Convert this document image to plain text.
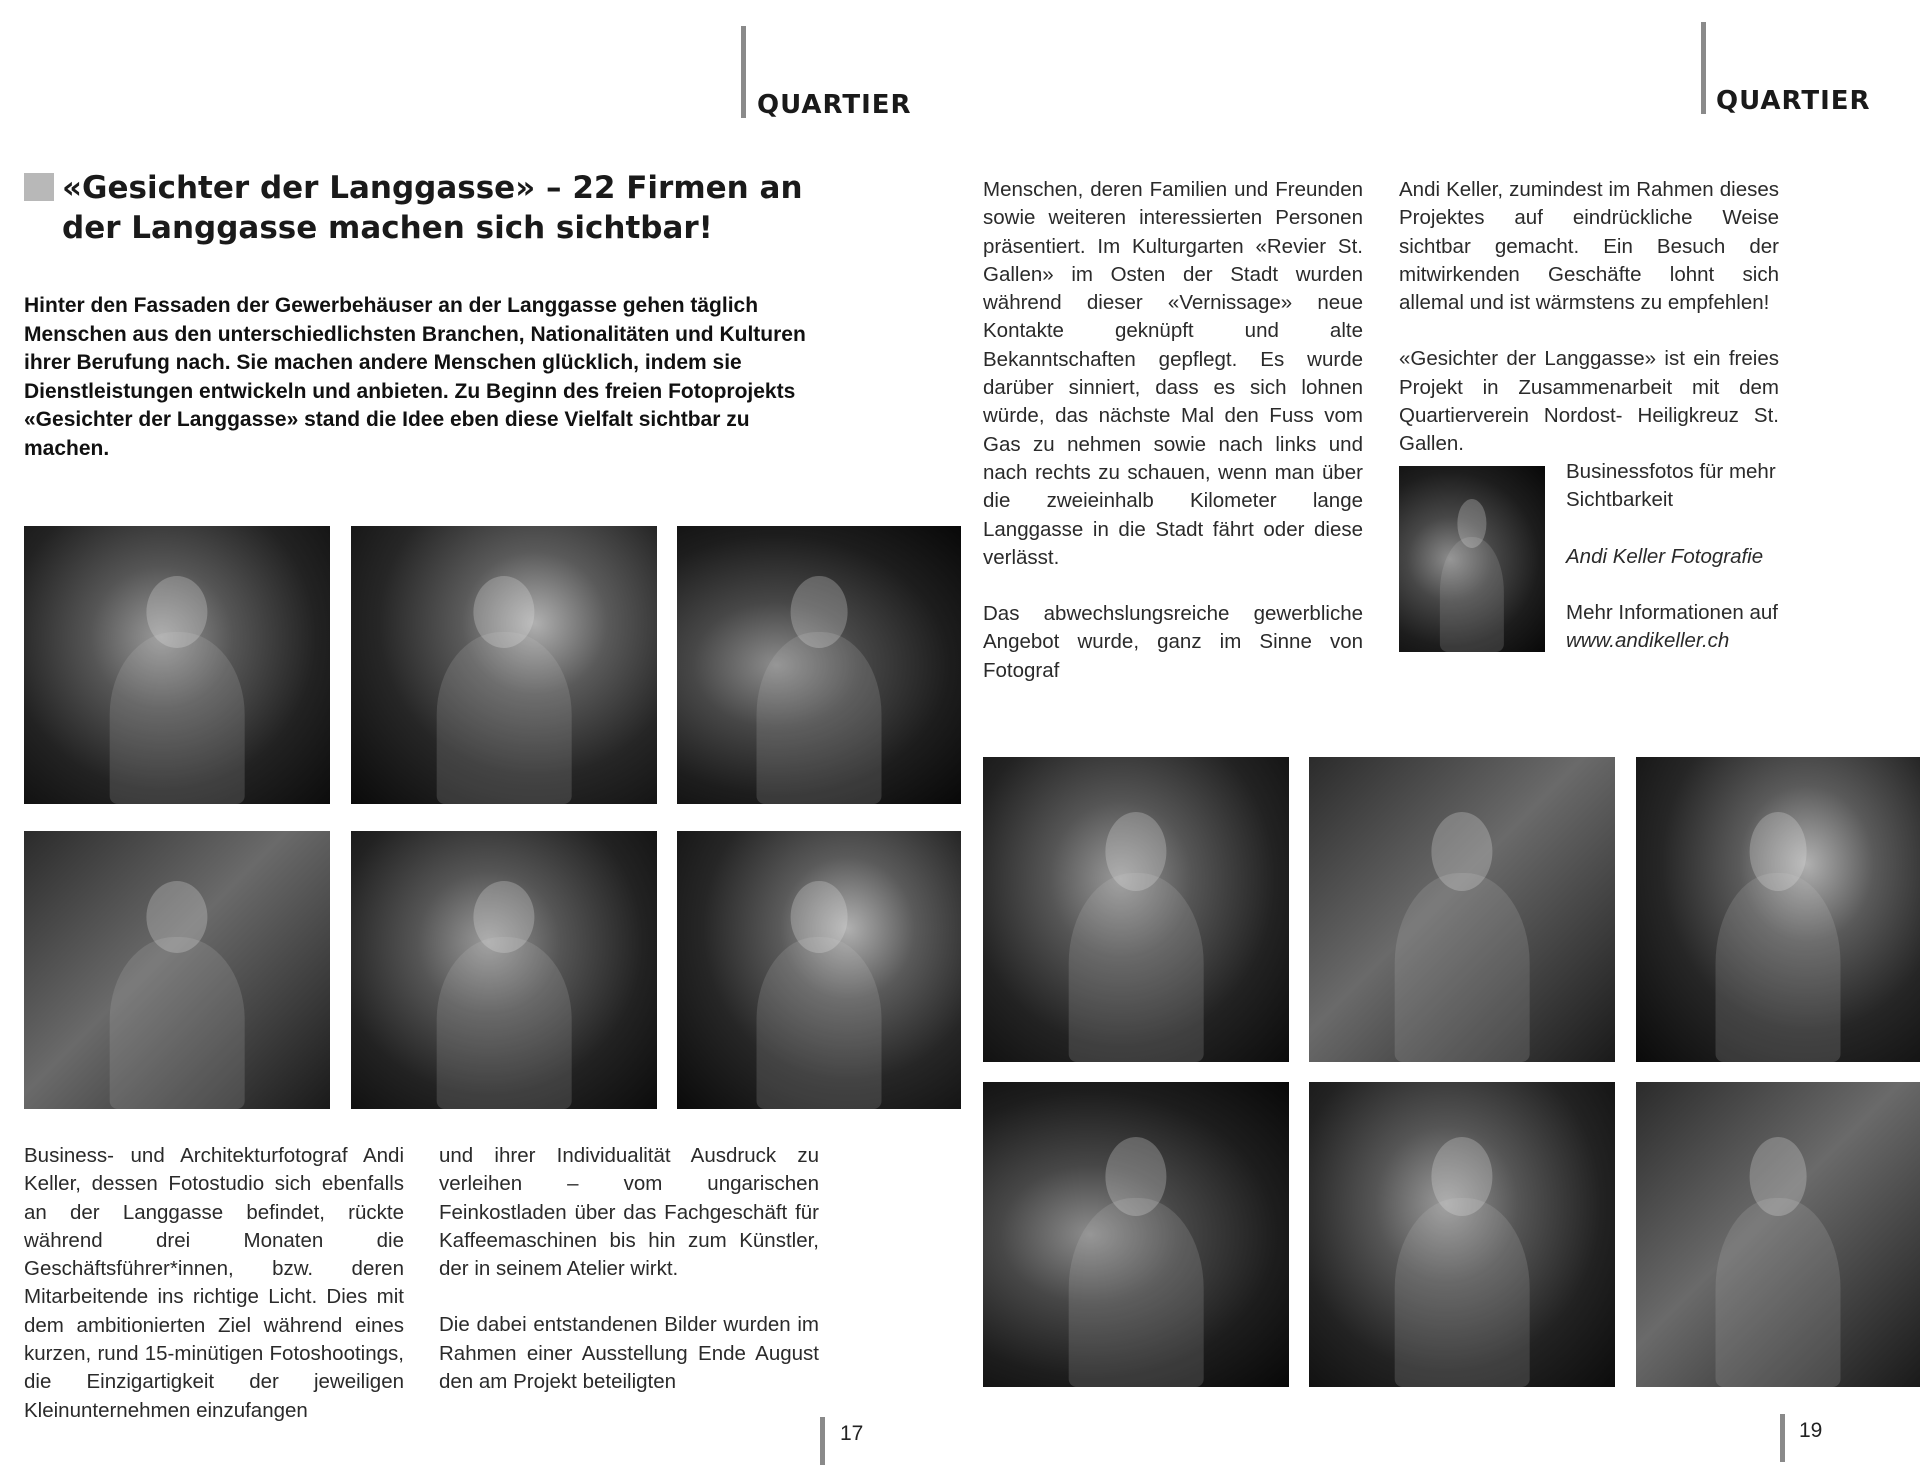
QUARTIER
«Gesichter der Langgasse» – 22 Firmen an der Langgasse machen sich sichtbar!

Hinter den Fassaden der Gewerbehäuser an der Langgasse gehen täglich Menschen aus den unterschiedlichsten Branchen, Nationalitäten und Kulturen ihrer Berufung nach. Sie machen andere Menschen glücklich, indem sie Dienstleistungen entwickeln und anbieten. Zu Beginn des freien Fotoprojekts «Gesichter der Langgasse» stand die Idee eben diese Vielfalt sichtbar zu machen.

Business- und Architekturfotograf Andi Keller, dessen Fotostudio sich ebenfalls an der Langgasse befindet, rückte während drei Monaten die Geschäftsführer*innen, bzw. deren Mitarbeitende ins richtige Licht. Dies mit dem ambitionierten Ziel während eines kurzen, rund 15-minütigen Fotoshootings, die Einzigartigkeit der jeweiligen Kleinunternehmen einzufangen

und ihrer Individualität Ausdruck zu verleihen – vom ungarischen Feinkostladen über das Fachgeschäft für Kaffeemaschinen bis hin zum Künstler, der in seinem Atelier wirkt.

Die dabei entstandenen Bilder wurden im Rahmen einer Ausstellung Ende August den am Projekt beteiligten

17
QUARTIER

Menschen, deren Familien und Freunden sowie weiteren interessierten Personen präsentiert. Im Kulturgarten «Revier St. Gallen» im Osten der Stadt wurden während dieser «Vernissage» neue Kontakte geknüpft und alte Bekanntschaften gepflegt. Es wurde darüber sinniert, dass es sich lohnen würde, das nächste Mal den Fuss vom Gas zu nehmen sowie nach links und nach rechts zu schauen, wenn man über die zweieinhalb Kilometer lange Langgasse in die Stadt fährt oder diese verlässt.

Das abwechslungsreiche gewerbliche Angebot wurde, ganz im Sinne von Fotograf

Andi Keller, zumindest im Rahmen dieses Projektes auf eindrückliche Weise sichtbar gemacht. Ein Besuch der mitwirkenden Geschäfte lohnt sich allemal und ist wärmstens zu empfehlen!

«Gesichter der Langgasse» ist ein freies Projekt in Zusammenarbeit mit dem Quartierverein Nordost- Heiligkreuz St. Gallen.

Businessfotos für mehr Sichtbarkeit

Andi Keller Fotografie

Mehr Informationen auf www.andikeller.ch

19
